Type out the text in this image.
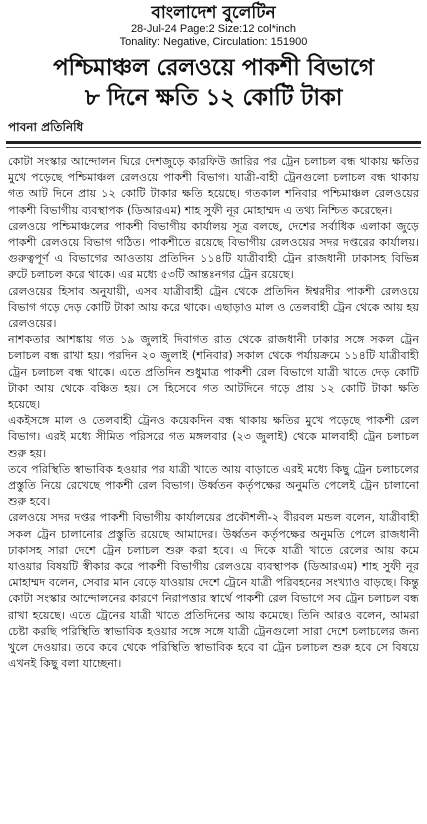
বাংলাদেশ বুলেটিন
28-Jul-24 Page:2 Size:12 col*inch
Tonality: Negative, Circulation: 151900
পশ্চিমাঞ্চল রেলওয়ে পাকশী বিভাগে
৮ দিনে ক্ষতি ১২ কোটি টাকা
পাবনা প্রতিনিধি

কোটা সংস্কার আন্দোলন ঘিরে দেশজুড়ে কারফিউ জারির পর ট্রেন চলাচল বন্ধ থাকায় ক্ষতির মুখে পড়েছে পশ্চিমাঞ্চল রেলওয়ে পাকশী বিভাগ। যাত্রী-বাহী ট্রেনগুলো চলাচল বন্ধ থাকায় গত আট দিনে প্রায় ১২ কোটি টাকার ক্ষতি হয়েছে। গতকাল শনিবার পশ্চিমাঞ্চল রেলওয়ের পাকশী বিভাগীয় ব্যবস্থাপক (ডিআরএম) শাহ সুফী নূর মোহাম্মদ এ তথ্য নিশ্চিত করেছেন।

রেলওয়ে পশ্চিমাঞ্চলের পাকশী বিভাগীয় কার্যালয় সূত্র বলছে, দেশের সর্বাধিক এলাকা জুড়ে পাকশী রেলওয়ে বিভাগ গঠিত। পাকশীতে রয়েছে বিভাগীয় রেলওয়ের সদর দপ্তরের কার্যালয়। গুরুত্বপূর্ণ এ বিভাগের আওতায় প্রতিদিন ১১৪টি যাত্রীবাহী ট্রেন রাজধানী ঢাকাসহ বিভিন্ন রুটে চলাচল করে থাকে। এর মধ্যে ৫৩টি আন্তঃনগর ট্রেন রয়েছে।

রেলওয়ের হিসাব অনুযায়ী, এসব যাত্রীবাহী ট্রেন থেকে প্রতিদিন ঈশ্বরদীর পাকশী রেলওয়ে বিভাগ গড়ে দেড় কোটি টাকা আয় করে থাকে। এছাড়াও মাল ও তেলবাহী ট্রেন থেকে আয় হয় রেলওয়ের।

নাশকতার আশঙ্কায় গত ১৯ জুলাই দিবাগত রাত থেকে রাজধানী ঢাকার সঙ্গে সকল ট্রেন চলাচল বন্ধ রাখা হয়। পরদিন ২০ জুলাই (শনিবার) সকাল থেকে পর্যায়ক্রমে ১১৪টি যাত্রীবাহী ট্রেন চলাচল বন্ধ থাকে। এতে প্রতিদিন শুধুমাত্র পাকশী রেল বিভাগে যাত্রী খাতে দেড় কোটি টাকা আয় থেকে বঞ্চিত হয়। সে হিসেবে গত আটদিনে গড়ে প্রায় ১২ কোটি টাকা ক্ষতি হয়েছে।

একইসঙ্গে মাল ও তেলবাহী ট্রেনও কয়েকদিন বন্ধ থাকায় ক্ষতির মুখে পড়েছে পাকশী রেল বিভাগ। এরই মধ্যে সীমিত পরিসরে গত মঙ্গলবার (২৩ জুলাই) থেকে মালবাহী ট্রেন চলাচল শুরু হয়।

তবে পরিস্থিতি স্বাভাবিক হওয়ার পর যাত্রী খাতে আয় বাড়াতে এরই মধ্যে কিছু ট্রেন চলাচলের প্রস্তুতি নিয়ে রেখেছে পাকশী রেল বিভাগ। উর্ধ্বতন কর্তৃপক্ষের অনুমতি পেলেই ট্রেন চালানো শুরু হবে।

রেলওয়ে সদর দপ্তর পাকশী বিভাগীয় কার্যালয়ের প্রকৌশলী-২ বীরবল মন্ডল বলেন, যাত্রীবাহী সকল ট্রেন চালানোর প্রস্তুতি রয়েছে আমাদের। উর্ধ্বতন কর্তৃপক্ষের অনুমতি পেলে রাজধানী ঢাকাসহ সারা দেশে ট্রেন চলাচল শুরু করা হবে। এ দিকে যাত্রী খাতে রেলের আয় কমে যাওয়ার বিষয়টি স্বীকার করে পাকশী বিভাগীয় রেলওয়ে ব্যবস্থাপক (ডিআরএম) শাহ সুফী নূর মোহাম্মদ বলেন, সেবার মান বেড়ে যাওয়ায় দেশে ট্রেনে যাত্রী পরিবহনের সংখ্যাও বাড়ছে। কিন্তু কোটা সংস্কার আন্দোলনের কারণে নিরাপত্তার স্বার্থে পাকশী রেল বিভাগে সব ট্রেন চলাচল বন্ধ রাখা হয়েছে। এতে ট্রেনের যাত্রী খাতে প্রতিদিনের আয় কমেছে। তিনি আরও বলেন, আমরা চেষ্টা করছি পরিস্থিতি স্বাভাবিক হওয়ার সঙ্গে সঙ্গে যাত্রী ট্রেনগুলো সারা দেশে চলাচলের জন্য খুলে দেওয়ার। তবে কবে থেকে পরিস্থিতি স্বাভাবিক হবে বা ট্রেন চলাচল শুরু হবে সে বিষয়ে এখনই কিছু বলা যাচ্ছেনা।
